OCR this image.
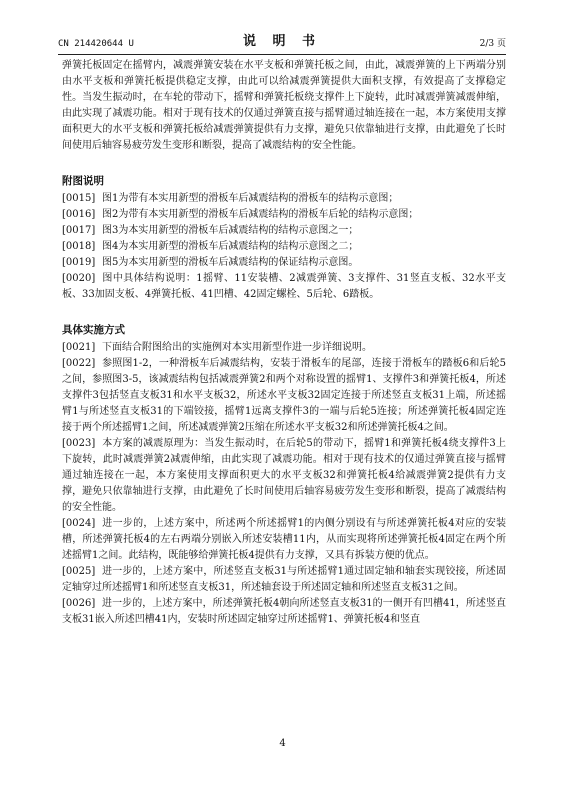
CN 214420644 U	说 明 书	2/3 页

弹簧托板固定在摇臂内，减震弹簧安装在水平支板和弹簧托板之间，由此，减震弹簧的上下两端分别由水平支板和弹簧托板提供稳定支撑，由此可以给减震弹簧提供大面积支撑，有效提高了支撑稳定性。当发生振动时，在车轮的带动下，摇臂和弹簧托板绕支撑件上下旋转，此时减震弹簧减震伸缩，由此实现了减震功能。相对于现有技术的仅通过弹簧直接与摇臂通过轴连接在一起，本方案使用支撑面积更大的水平支板和弹簧托板给减震弹簧提供有力支撑，避免只依靠轴进行支撑，由此避免了长时间使用后轴容易疲劳发生变形和断裂，提高了减震结构的安全性能。

附图说明

[0015] 图1为带有本实用新型的滑板车后减震结构的滑板车的结构示意图；

[0016] 图2为带有本实用新型的滑板车后减震结构的滑板车后轮的结构示意图；

[0017] 图3为本实用新型的滑板车后减震结构的结构示意图之一；

[0018] 图4为本实用新型的滑板车后减震结构的结构示意图之二；

[0019] 图5为本实用新型的滑板车后减震结构的保证结构示意图。

[0020] 图中具体结构说明：1摇臂、11安装槽、2减震弹簧、3支撑件、31竖直支板、32水平支板、33加固支板、4弹簧托板、41凹槽、42固定螺栓、5后轮、6踏板。

具体实施方式

[0021] 下面结合附图给出的实施例对本实用新型作进一步详细说明。

[0022] 参照图1-2，一种滑板车后减震结构，安装于滑板车的尾部，连接于滑板车的踏板6和后轮5之间，参照图3-5，该减震结构包括减震弹簧2和两个对称设置的摇臂1、支撑件3和弹簧托板4，所述支撑件3包括竖直支板31和水平支板32，所述水平支板32固定连接于所述竖直支板31上端，所述摇臂1与所述竖直支板31的下端铰接，摇臂1远离支撑件3的一端与后轮5连接；所述弹簧托板4固定连接于两个所述摇臂1之间，所述减震弹簧2压缩在所述水平支板32和所述弹簧托板4之间。

[0023] 本方案的减震原理为：当发生振动时，在后轮5的带动下，摇臂1和弹簧托板4绕支撑件3上下旋转，此时减震弹簧2减震伸缩，由此实现了减震功能。相对于现有技术的仅通过弹簧直接与摇臂通过轴连接在一起，本方案使用支撑面积更大的水平支板32和弹簧托板4给减震弹簧2提供有力支撑，避免只依靠轴进行支撑，由此避免了长时间使用后轴容易疲劳发生变形和断裂，提高了减震结构的安全性能。

[0024] 进一步的，上述方案中，所述两个所述摇臂1的内侧分别设有与所述弹簧托板4对应的安装槽，所述弹簧托板4的左右两端分别嵌入所述安装槽11内，从而实现将所述弹簧托板4固定在两个所述摇臂1之间。此结构，既能够给弹簧托板4提供有力支撑，又具有拆装方便的优点。

[0025] 进一步的，上述方案中，所述竖直支板31与所述摇臂1通过固定轴和轴套实现铰接，所述固定轴穿过所述摇臂1和所述竖直支板31，所述轴套设于所述固定轴和所述竖直支板31之间。

[0026] 进一步的，上述方案中，所述弹簧托板4朝向所述竖直支板31的一侧开有凹槽41，所述竖直支板31嵌入所述凹槽41内，安装时所述固定轴穿过所述摇臂1、弹簧托板4和竖直

4
